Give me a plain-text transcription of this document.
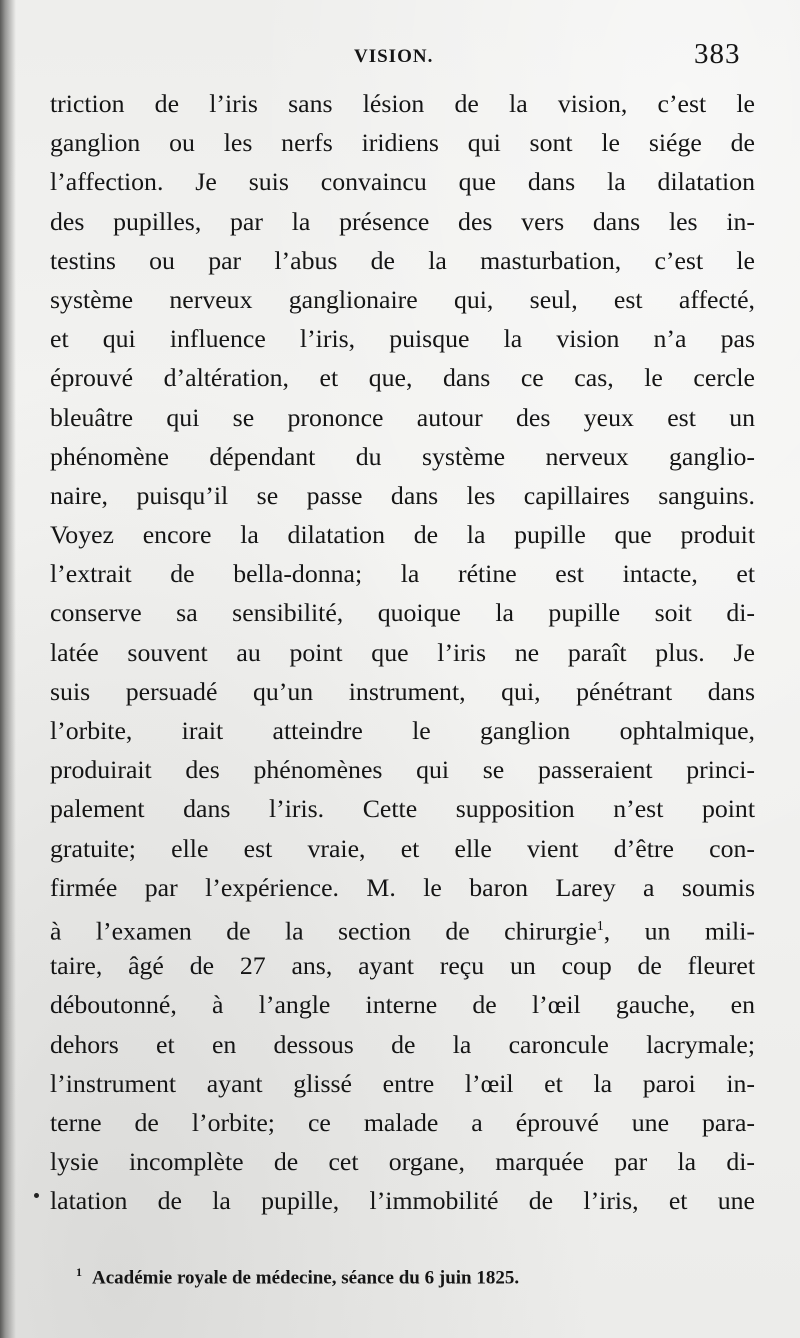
VISION.	383
triction de l’iris sans lésion de la vision, c’est le
ganglion ou les nerfs iridiens qui sont le siége de
l’affection. Je suis convaincu que dans la dilatation
des pupilles, par la présence des vers dans les in-
testins ou par l’abus de la masturbation, c’est le
système nerveux ganglionaire qui, seul, est affecté,
et qui influence l’iris, puisque la vision n’a pas
éprouvé d’altération, et que, dans ce cas, le cercle
bleuâtre qui se prononce autour des yeux est un
phénomène dépendant du système nerveux ganglio-
naire, puisqu’il se passe dans les capillaires sanguins.
Voyez encore la dilatation de la pupille que produit
l’extrait de bella-donna; la rétine est intacte, et
conserve sa sensibilité, quoique la pupille soit di-
latée souvent au point que l’iris ne paraît plus. Je
suis persuadé qu’un instrument, qui, pénétrant dans
l’orbite, irait atteindre le ganglion ophtalmique,
produirait des phénomènes qui se passeraient princi-
palement dans l’iris. Cette supposition n’est point
gratuite; elle est vraie, et elle vient d’être con-
firmée par l’expérience. M. le baron Larey a soumis
à l’examen de la section de chirurgie$^1$, un mili-
taire, âgé de 27 ans, ayant reçu un coup de fleuret
déboutonné, à l’angle interne de l’œil gauche, en
dehors et en dessous de la caroncule lacrymale;
l’instrument ayant glissé entre l’œil et la paroi in-
terne de l’orbite; ce malade a éprouvé une para-
lysie incomplète de cet organe, marquée par la di-
latation de la pupille, l’immobilité de l’iris, et une
$^1$ Académie royale de médecine, séance du 6 juin 1825.
